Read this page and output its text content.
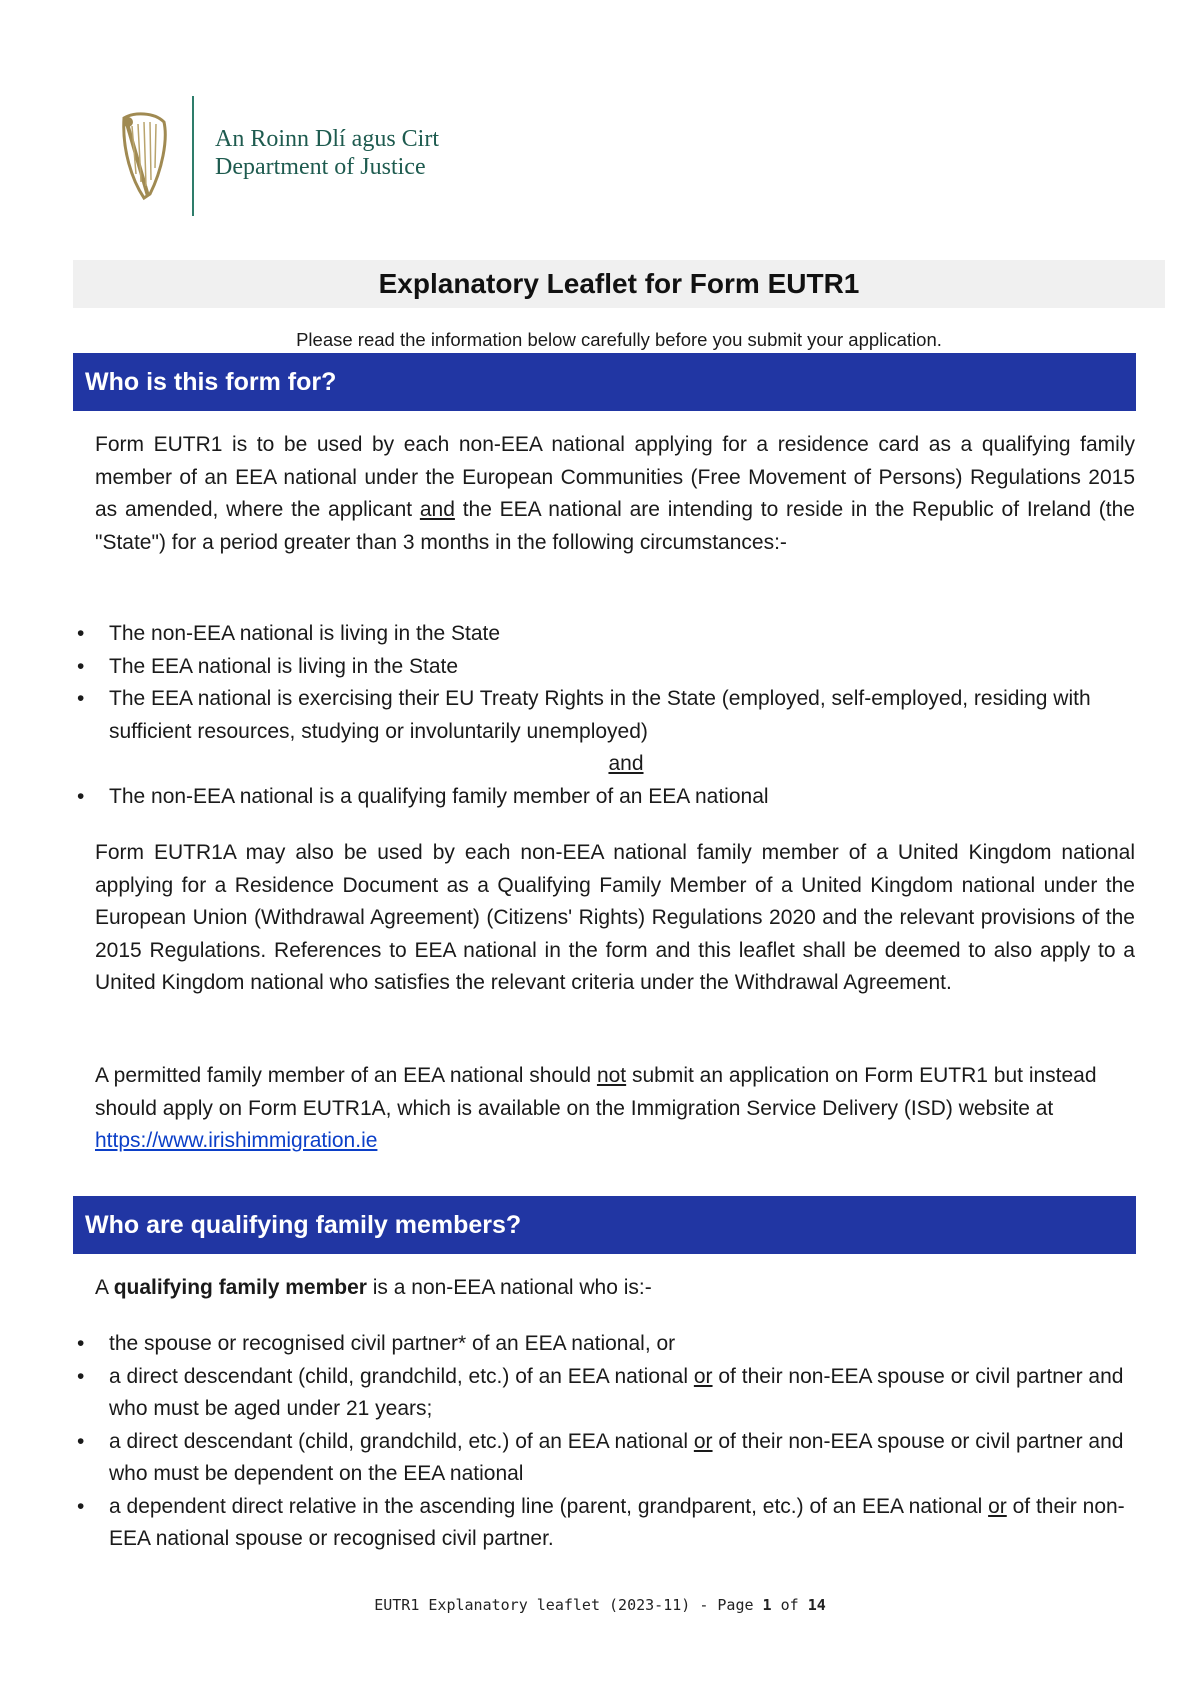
An Roinn Dlí agus Cirt
Department of Justice
Explanatory Leaflet for Form EUTR1
Please read the information below carefully before you submit your application.
Who is this form for?
Form EUTR1 is to be used by each non-EEA national applying for a residence card as a qualifying family member of an EEA national under the European Communities (Free Movement of Persons) Regulations 2015 as amended, where the applicant and the EEA national are intending to reside in the Republic of Ireland (the "State") for a period greater than 3 months in the following circumstances:-
• The non-EEA national is living in the State
• The EEA national is living in the State
• The EEA national is exercising their EU Treaty Rights in the State (employed, self-employed, residing with sufficient resources, studying or involuntarily unemployed)
and
• The non-EEA national is a qualifying family member of an EEA national
Form EUTR1A may also be used by each non-EEA national family member of a United Kingdom national applying for a Residence Document as a Qualifying Family Member of a United Kingdom national under the European Union (Withdrawal Agreement) (Citizens' Rights) Regulations 2020 and the relevant provisions of the 2015 Regulations. References to EEA national in the form and this leaflet shall be deemed to also apply to a United Kingdom national who satisfies the relevant criteria under the Withdrawal Agreement.
A permitted family member of an EEA national should not submit an application on Form EUTR1 but instead should apply on Form EUTR1A, which is available on the Immigration Service Delivery (ISD) website at https://www.irishimmigration.ie
Who are qualifying family members?
A qualifying family member is a non-EEA national who is:-
• the spouse or recognised civil partner* of an EEA national, or
• a direct descendant (child, grandchild, etc.) of an EEA national or of their non-EEA spouse or civil partner and who must be aged under 21 years;
• a direct descendant (child, grandchild, etc.) of an EEA national or of their non-EEA spouse or civil partner and who must be dependent on the EEA national
• a dependent direct relative in the ascending line (parent, grandparent, etc.) of an EEA national or of their non-EEA national spouse or recognised civil partner.
EUTR1 Explanatory leaflet (2023-11) - Page 1 of 14
